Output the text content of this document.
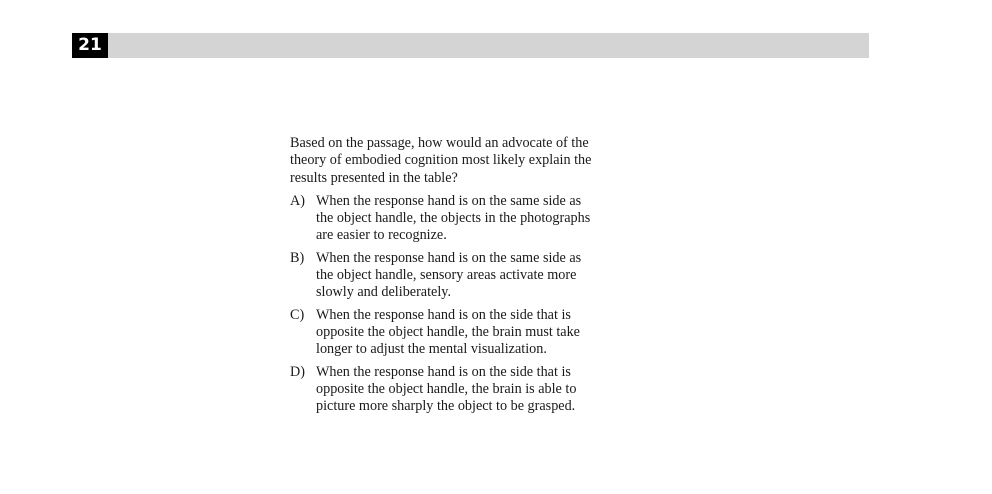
21
Based on the passage, how would an advocate of the
theory of embodied cognition most likely explain the
results presented in the table?
A) When the response hand is on the same side as
the object handle, the objects in the photographs
are easier to recognize.
B) When the response hand is on the same side as
the object handle, sensory areas activate more
slowly and deliberately.
C) When the response hand is on the side that is
opposite the object handle, the brain must take
longer to adjust the mental visualization.
D) When the response hand is on the side that is
opposite the object handle, the brain is able to
picture more sharply the object to be grasped.
